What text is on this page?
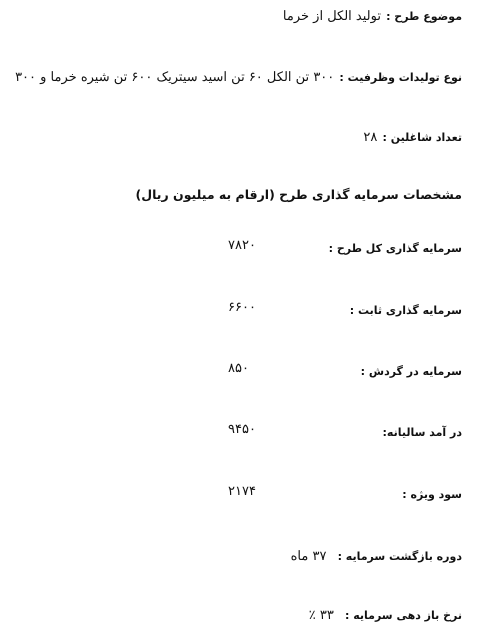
موضوع طرح : تولید الکل از خرما
نوع تولیدات وظرفیت : ۳۰۰ تن الکل ۶۰ تن اسید سیتریک ۶۰۰ تن شیره خرما و ۳۰۰
تعداد شاغلین : ۲۸
مشخصات سرمایه گذاری طرح (ارقام به میلیون ریال)
سرمایه گذاری کل طرح :
۷۸۲۰
سرمایه گذاری ثابت :
۶۶۰۰
سرمایه در گردش :
۸۵۰
در آمد سالیانه:
۹۴۵۰
سود ویژه :
۲۱۷۴
دوره بازگشت سرمایه : ۳۷ ماه
نرخ باز دهی سرمایه : ۳۳ ٪
